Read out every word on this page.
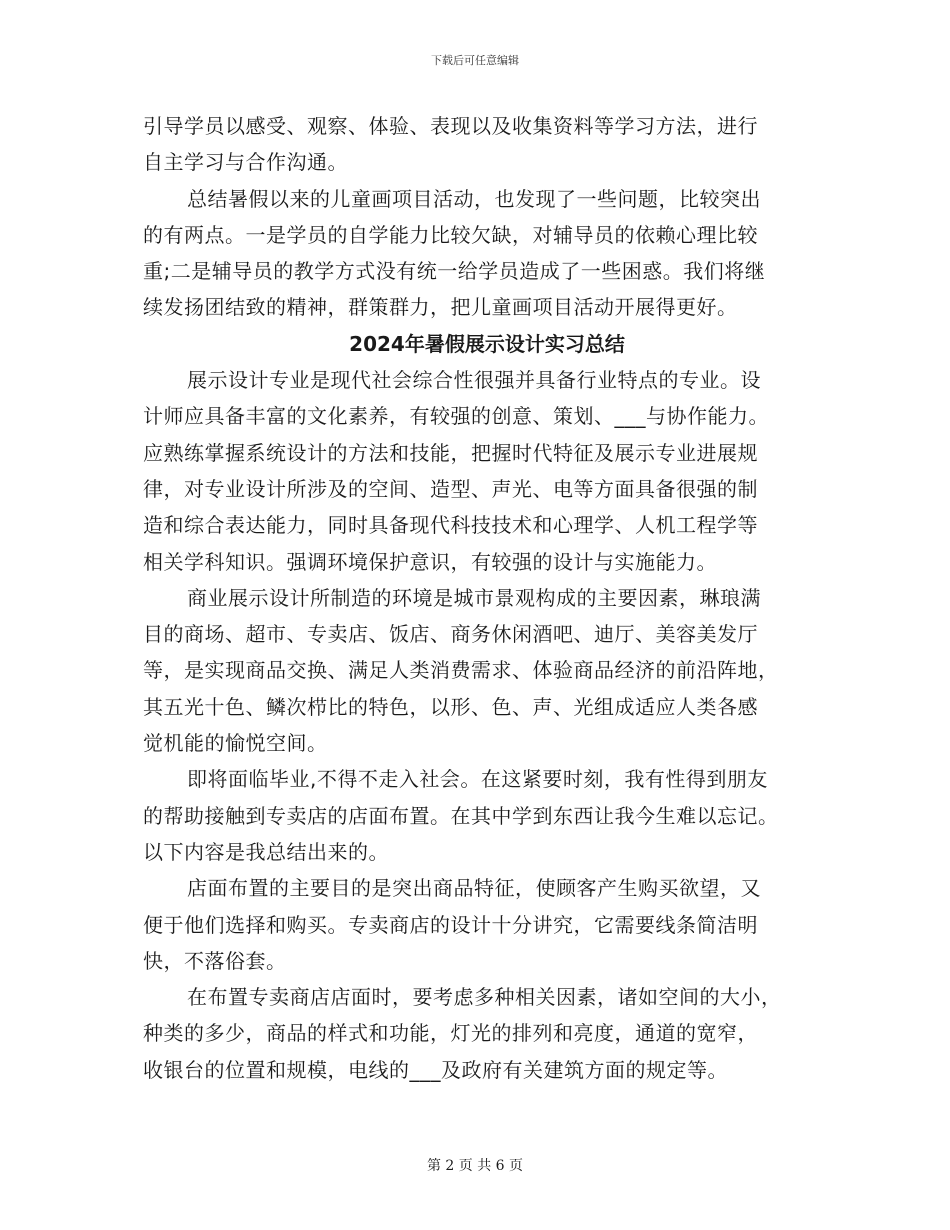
下载后可任意编辑
引导学员以感受、观察、体验、表现以及收集资料等学习方法，进行
自主学习与合作沟通。
总结暑假以来的儿童画项目活动，也发现了一些问题，比较突出
的有两点。一是学员的自学能力比较欠缺，对辅导员的依赖心理比较
重;二是辅导员的教学方式没有统一给学员造成了一些困惑。我们将继
续发扬团结致的精神，群策群力，把儿童画项目活动开展得更好。
2024年暑假展示设计实习总结
展示设计专业是现代社会综合性很强并具备行业特点的专业。设
计师应具备丰富的文化素养，有较强的创意、策划、___与协作能力。
应熟练掌握系统设计的方法和技能，把握时代特征及展示专业进展规
律，对专业设计所涉及的空间、造型、声光、电等方面具备很强的制
造和综合表达能力，同时具备现代科技技术和心理学、人机工程学等
相关学科知识。强调环境保护意识，有较强的设计与实施能力。
商业展示设计所制造的环境是城市景观构成的主要因素，琳琅满
目的商场、超市、专卖店、饭店、商务休闲酒吧、迪厅、美容美发厅
等，是实现商品交换、满足人类消费需求、体验商品经济的前沿阵地，
其五光十色、鳞次栉比的特色，以形、色、声、光组成适应人类各感
觉机能的愉悦空间。
即将面临毕业,不得不走入社会。在这紧要时刻，我有性得到朋友
的帮助接触到专卖店的店面布置。在其中学到东西让我今生难以忘记。
以下内容是我总结出来的。
店面布置的主要目的是突出商品特征，使顾客产生购买欲望，又
便于他们选择和购买。专卖商店的设计十分讲究，它需要线条简洁明
快，不落俗套。
在布置专卖商店店面时，要考虑多种相关因素，诸如空间的大小，
种类的多少，商品的样式和功能，灯光的排列和亮度，通道的宽窄，
收银台的位置和规模，电线的___及政府有关建筑方面的规定等。
第 2 页 共 6 页
